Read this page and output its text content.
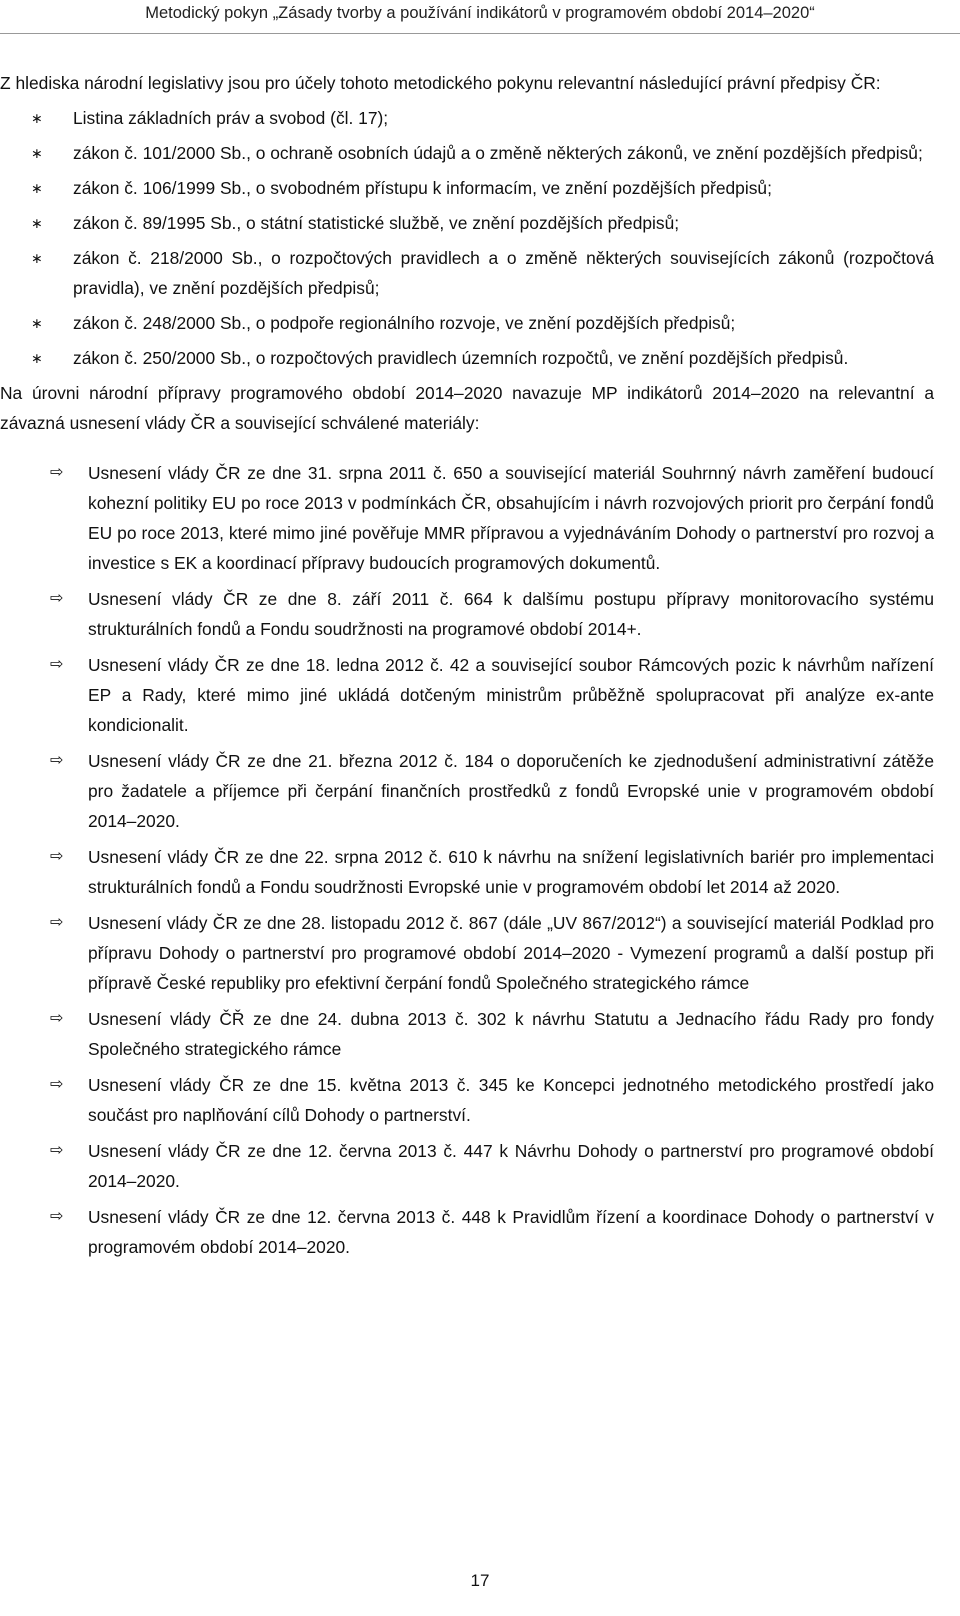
Metodický pokyn „Zásady tvorby a používání indikátorů v programovém období 2014–2020“

Z hlediska národní legislativy jsou pro účely tohoto metodického pokynu relevantní následující právní předpisy ČR:

∗ Listina základních práv a svobod (čl. 17);
∗ zákon č. 101/2000 Sb., o ochraně osobních údajů a o změně některých zákonů, ve znění pozdějších předpisů;
∗ zákon č. 106/1999 Sb., o svobodném přístupu k informacím, ve znění pozdějších předpisů;
∗ zákon č. 89/1995 Sb., o státní statistické službě, ve znění pozdějších předpisů;
∗ zákon č. 218/2000 Sb., o rozpočtových pravidlech a o změně některých souvisejících zákonů (rozpočtová pravidla), ve znění pozdějších předpisů;
∗ zákon č. 248/2000 Sb., o podpoře regionálního rozvoje, ve znění pozdějších předpisů;
∗ zákon č. 250/2000 Sb., o rozpočtových pravidlech územních rozpočtů, ve znění pozdějších předpisů.

Na úrovni národní přípravy programového období 2014–2020 navazuje MP indikátorů 2014–2020 na relevantní a závazná usnesení vlády ČR a související schválené materiály:

⇨ Usnesení vlády ČR ze dne 31. srpna 2011 č. 650 a související materiál Souhrnný návrh zaměření budoucí kohezní politiky EU po roce 2013 v podmínkách ČR, obsahujícím i návrh rozvojových priorit pro čerpání fondů EU po roce 2013, které mimo jiné pověřuje MMR přípravou a vyjednáváním Dohody o partnerství pro rozvoj a investice s EK a koordinací přípravy budoucích programových dokumentů.
⇨ Usnesení vlády ČR ze dne 8. září 2011 č. 664 k dalšímu postupu přípravy monitorovacího systému strukturálních fondů a Fondu soudržnosti na programové období 2014+.
⇨ Usnesení vlády ČR ze dne 18. ledna 2012 č. 42 a související soubor Rámcových pozic k návrhům nařízení EP a Rady, které mimo jiné ukládá dotčeným ministrům průběžně spolupracovat při analýze ex-ante kondicionalit.
⇨ Usnesení vlády ČR ze dne 21. března 2012 č. 184 o doporučeních ke zjednodušení administrativní zátěže pro žadatele a příjemce při čerpání finančních prostředků z fondů Evropské unie v programovém období 2014–2020.
⇨ Usnesení vlády ČR ze dne 22. srpna 2012 č. 610 k návrhu na snížení legislativních bariér pro implementaci strukturálních fondů a Fondu soudržnosti Evropské unie v programovém období let 2014 až 2020.
⇨ Usnesení vlády ČR ze dne 28. listopadu 2012 č. 867 (dále „UV 867/2012“) a související materiál Podklad pro přípravu Dohody o partnerství pro programové období 2014–2020 - Vymezení programů a další postup při přípravě České republiky pro efektivní čerpání fondů Společného strategického rámce
⇨ Usnesení vlády ČŘ ze dne 24. dubna 2013 č. 302 k návrhu Statutu a Jednacího řádu Rady pro fondy Společného strategického rámce
⇨ Usnesení vlády ČR ze dne 15. května 2013 č. 345 ke Koncepci jednotného metodického prostředí jako součást pro naplňování cílů Dohody o partnerství.
⇨ Usnesení vlády ČR ze dne 12. června 2013 č. 447 k Návrhu Dohody o partnerství pro programové období 2014–2020.
⇨ Usnesení vlády ČR ze dne 12. června 2013 č. 448 k Pravidlům řízení a koordinace Dohody o partnerství v programovém období 2014–2020.
17
